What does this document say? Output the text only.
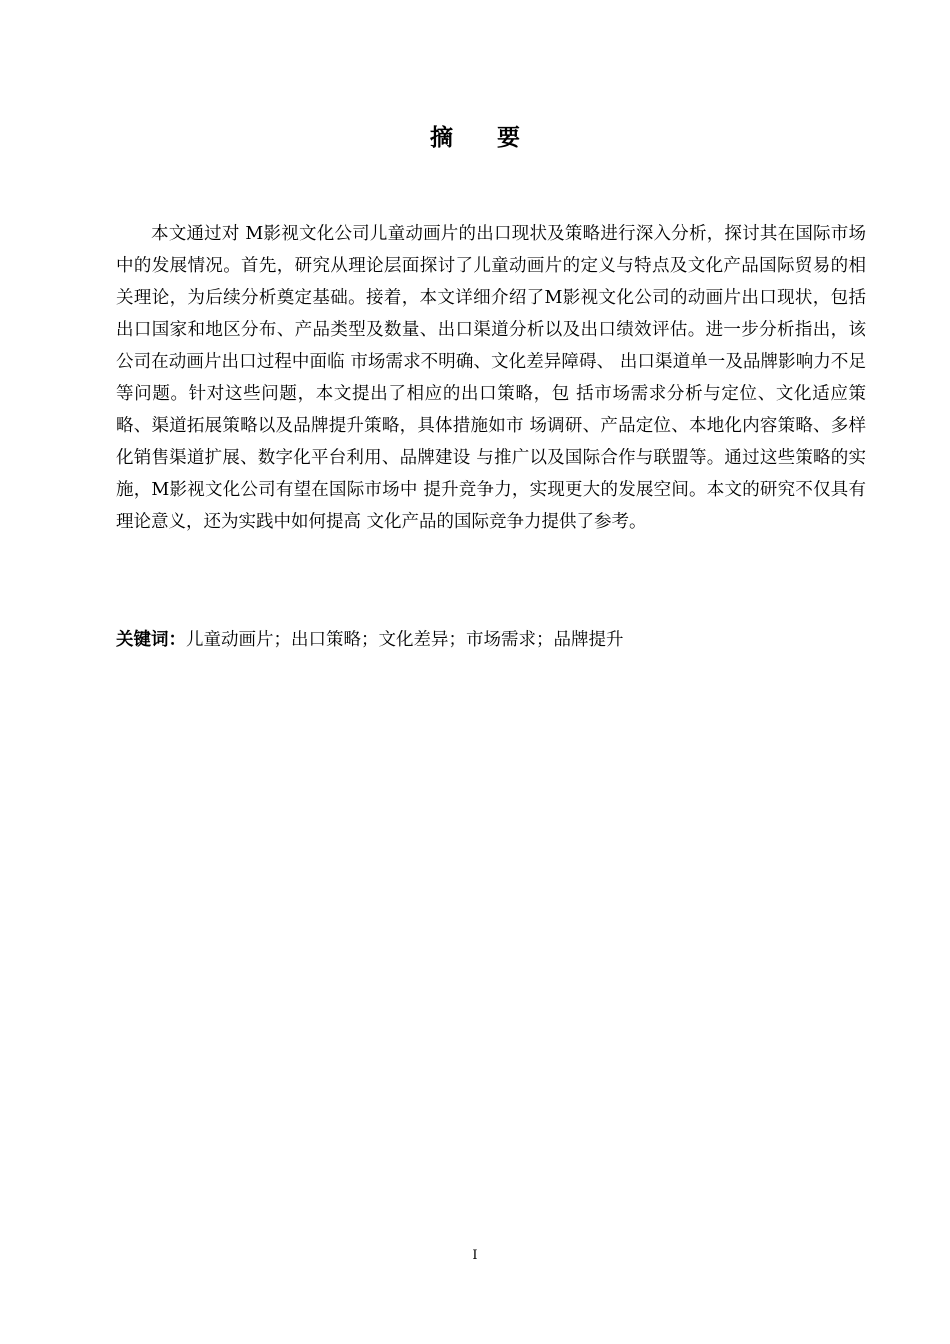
摘 要

本文通过对 M影视文化公司儿童动画片的出口现状及策略进行深入分析，探讨其在国际市场中的发展情况。首先，研究从理论层面探讨了儿童动画片的定义与特点及文化产品国际贸易的相关理论，为后续分析奠定基础。接着，本文详细介绍了M影视文化公司的动画片出口现状，包括出口国家和地区分布、产品类型及数量、出口渠道分析以及出口绩效评估。进一步分析指出，该公司在动画片出口过程中面临 市场需求不明确、文化差异障碍、 出口渠道单一及品牌影响力不足等问题。针对这些问题，本文提出了相应的出口策略，包 括市场需求分析与定位、文化适应策略、渠道拓展策略以及品牌提升策略，具体措施如市 场调研、产品定位、本地化内容策略、多样化销售渠道扩展、数字化平台利用、品牌建设 与推广以及国际合作与联盟等。通过这些策略的实施，M影视文化公司有望在国际市场中 提升竞争力，实现更大的发展空间。本文的研究不仅具有理论意义，还为实践中如何提高 文化产品的国际竞争力提供了参考。

关键词：儿童动画片；出口策略；文化差异；市场需求；品牌提升

I
